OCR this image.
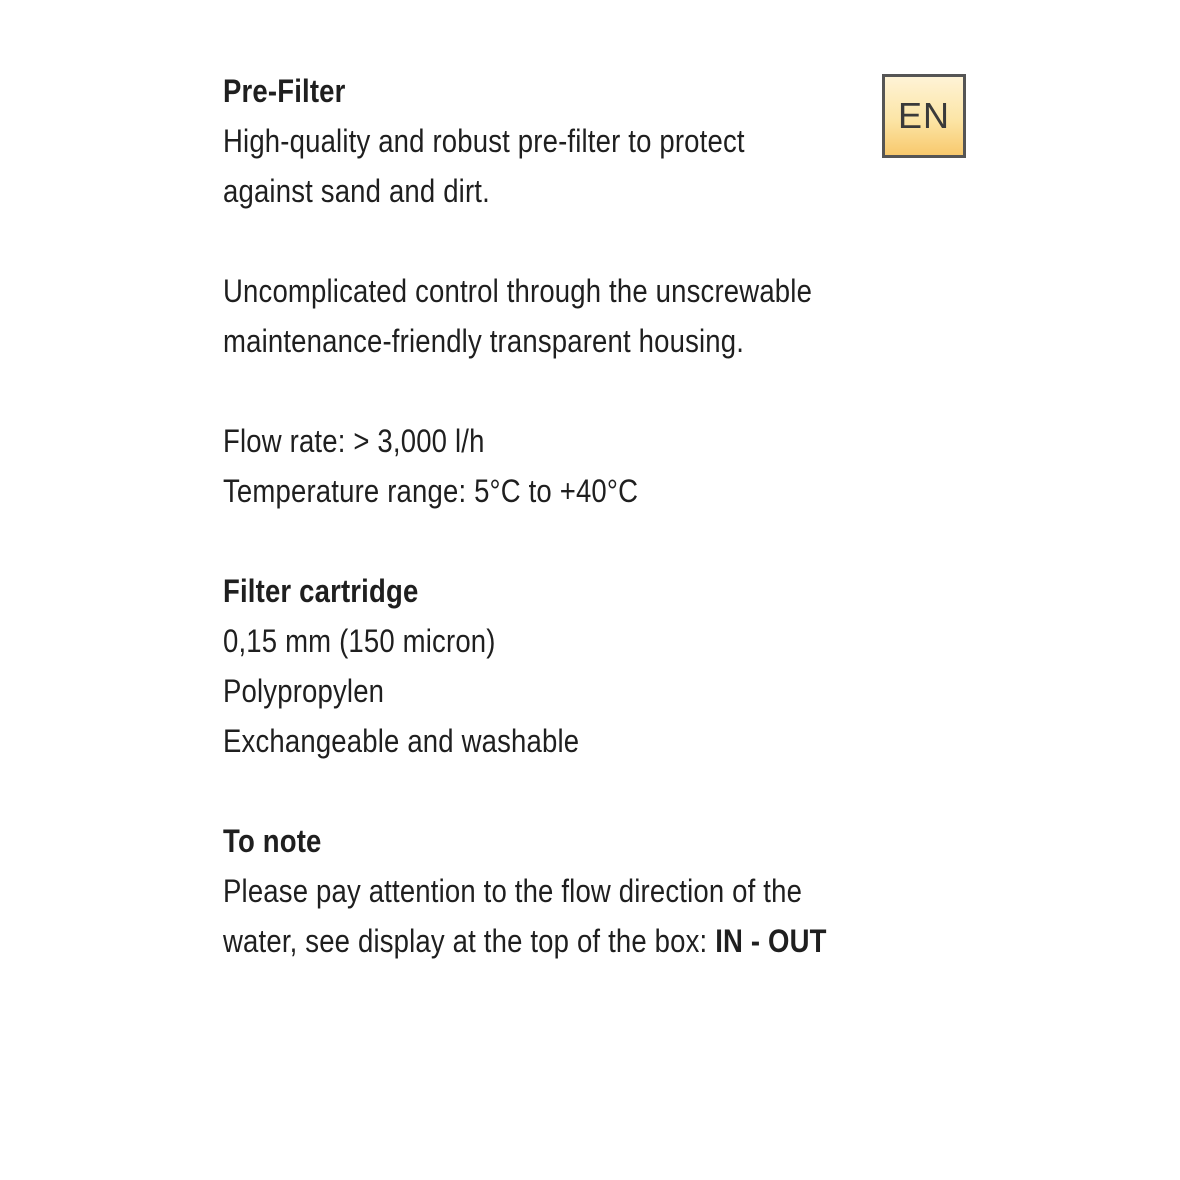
EN
Pre-Filter
High-quality and robust pre-filter to protect
against sand and dirt.
Uncomplicated control through the unscrewable
maintenance-friendly transparent housing.
Flow rate: > 3,000 l/h
Temperature range: 5°C to +40°C
Filter cartridge
0,15 mm (150 micron)
Polypropylen
Exchangeable and washable
To note
Please pay attention to the flow direction of the
water, see display at the top of the box: IN - OUT
